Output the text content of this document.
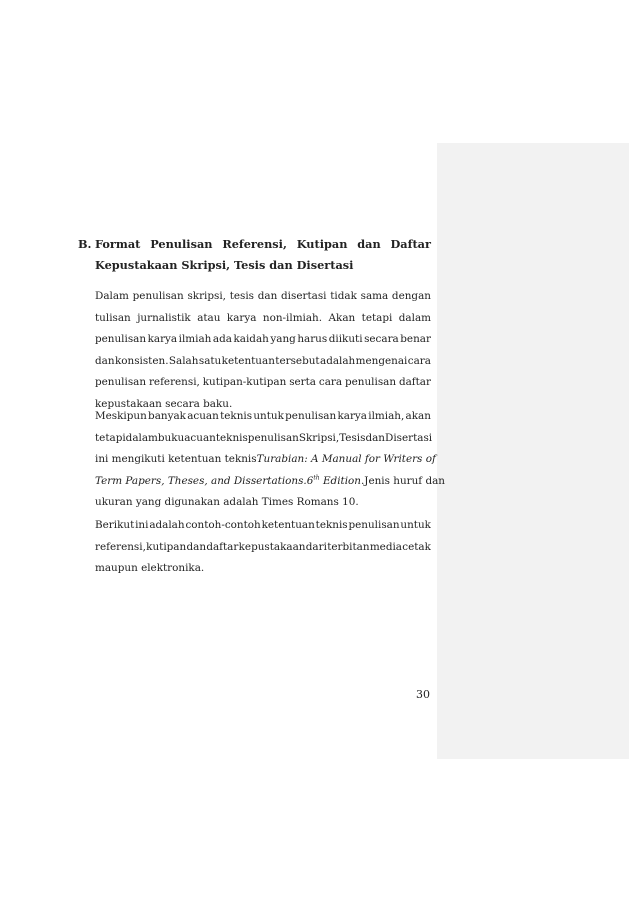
B. Format Penulisan Referensi, Kutipan dan Daftar
Kepustakaan Skripsi, Tesis dan Disertasi
Dalam penulisan skripsi, tesis dan disertasi tidak sama dengan
tulisan jurnalistik atau karya non-ilmiah. Akan tetapi dalam
penulisan karya ilmiah ada kaidah yang harus diikuti secara benar
dan konsisten. Salah satu ketentuan tersebut adalah mengenai cara
penulisan referensi, kutipan-kutipan serta cara penulisan daftar
kepustakaan secara baku.
Meskipun banyak acuan teknis untuk penulisan karya ilmiah, akan
tetapi dalam buku acuan teknis penulisan Skripsi, Tesis dan Disertasi
ini mengikuti ketentuan teknis Turabian: A Manual for Writers of
Term Papers, Theses, and Dissertations. 6th Edition. Jenis huruf dan
ukuran yang digunakan adalah Times Romans 10.
Berikut ini adalah contoh-contoh ketentuan teknis penulisan untuk
referensi, kutipan dan daftar kepustakaan dari terbitan media cetak
maupun elektronika.
30
